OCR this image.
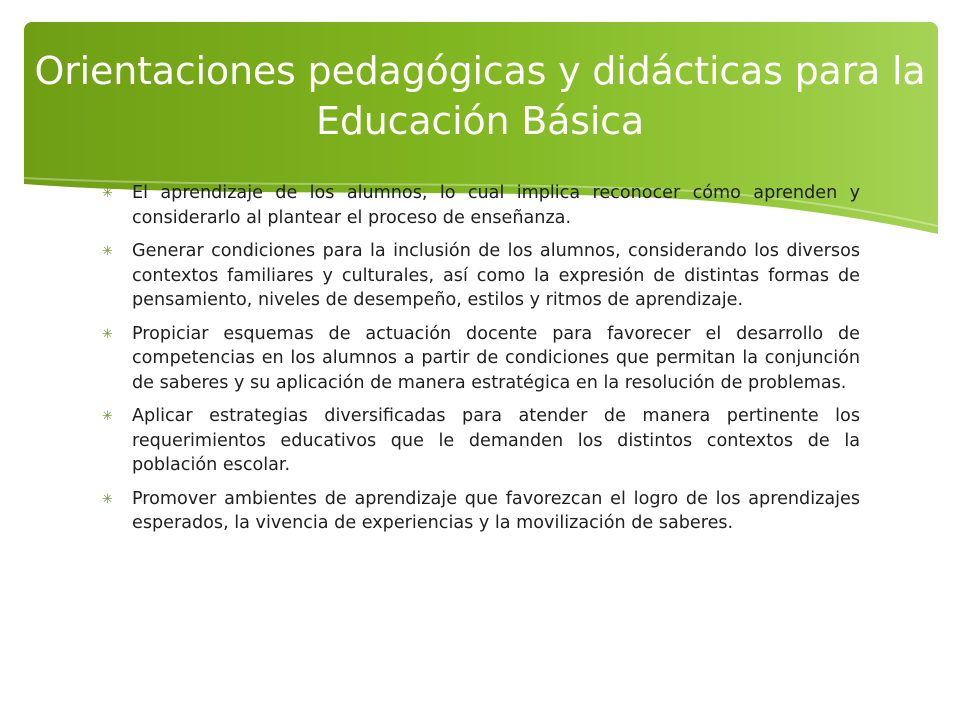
Orientaciones pedagógicas y didácticas para la Educación Básica
✳ El aprendizaje de los alumnos, lo cual implica reconocer cómo aprenden y considerarlo al plantear el proceso de enseñanza.
✳ Generar condiciones para la inclusión de los alumnos, considerando los diversos contextos familiares y culturales, así como la expresión de distintas formas de pensamiento, niveles de desempeño, estilos y ritmos de aprendizaje.
✳ Propiciar esquemas de actuación docente para favorecer el desarrollo de competencias en los alumnos a partir de condiciones que permitan la conjunción de saberes y su aplicación de manera estratégica en la resolución de problemas.
✳ Aplicar estrategias diversificadas para atender de manera pertinente los requerimientos educativos que le demanden los distintos contextos de la población escolar.
✳ Promover ambientes de aprendizaje que favorezcan el logro de los aprendizajes esperados, la vivencia de experiencias y la movilización de saberes.
